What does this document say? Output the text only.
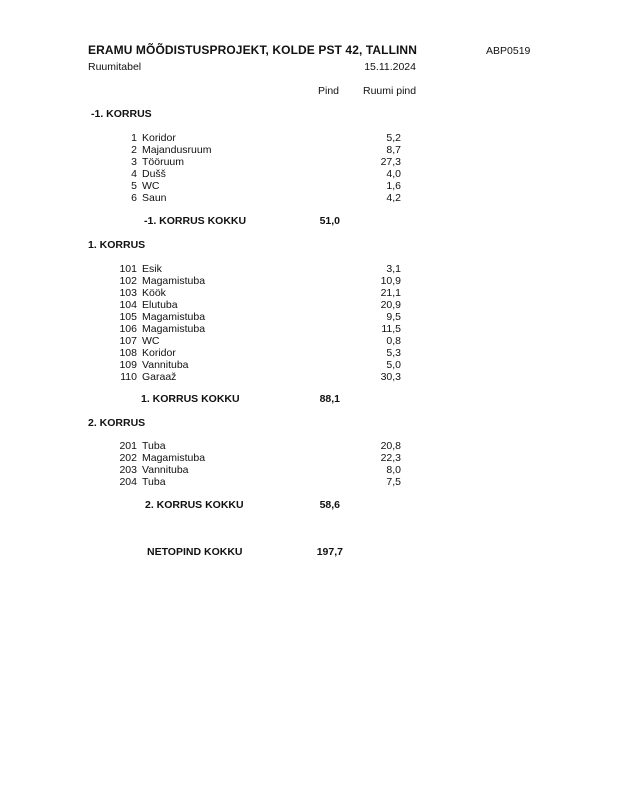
ERAMU MÕÕDISTUSPROJEKT, KOLDE PST 42, TALLINN	ABP0519
Ruumitabel	15.11.2024
Pind Ruumi pind
-1. KORRUS
1 Koridor	5,2
2 Majandusruum	8,7
3 Tööruum	27,3
4 Dušš	4,0
5 WC	1,6
6 Saun	4,2
-1. KORRUS KOKKU	51,0
1. KORRUS
101 Esik	3,1
102 Magamistuba	10,9
103 Köök	21,1
104 Elutuba	20,9
105 Magamistuba	9,5
106 Magamistuba	11,5
107 WC	0,8
108 Koridor	5,3
109 Vannituba	5,0
110 Garaaž	30,3
1. KORRUS KOKKU	88,1
2. KORRUS
201 Tuba	20,8
202 Magamistuba	22,3
203 Vannituba	8,0
204 Tuba	7,5
2. KORRUS KOKKU	58,6
NETOPIND KOKKU	197,7
